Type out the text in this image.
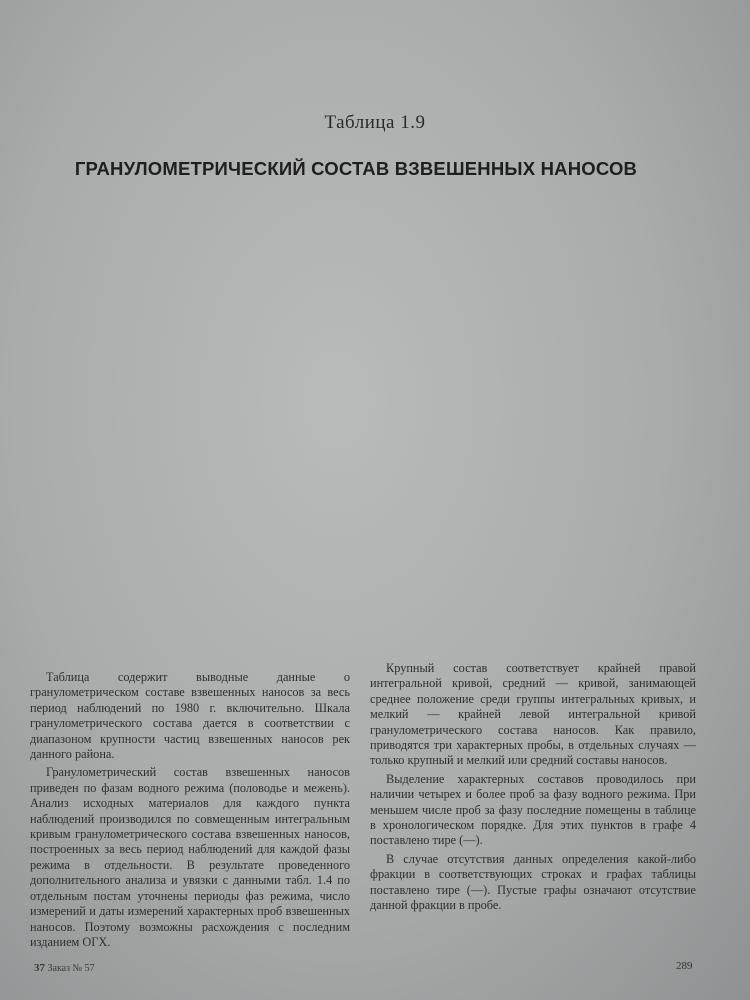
Таблица 1.9
ГРАНУЛОМЕТРИЧЕСКИЙ СОСТАВ ВЗВЕШЕННЫХ НАНОСОВ

Таблица содержит выводные данные о гранулометрическом составе взвешенных наносов за весь период наблюдений по 1980 г. включительно. Шкала гранулометрического состава дается в соответствии с диапазоном крупности частиц взвешенных наносов рек данного района.

Гранулометрический состав взвешенных наносов приведен по фазам водного режима (половодье и межень). Анализ исходных материалов для каждого пункта наблюдений производился по совмещенным интегральным кривым гранулометрического состава взвешенных наносов, построенных за весь период наблюдений для каждой фазы режима в отдельности. В результате проведенного дополнительного анализа и увязки с данными табл. 1.4 по отдельным постам уточнены периоды фаз режима, число измерений и даты измерений характерных проб взвешенных наносов. Поэтому возможны расхождения с последним изданием ОГХ.

Крупный состав соответствует крайней правой интегральной кривой, средний — кривой, занимающей среднее положение среди группы интегральных кривых, и мелкий — крайней левой интегральной кривой гранулометрического состава наносов. Как правило, приводятся три характерных пробы, в отдельных случаях — только крупный и мелкий или средний составы наносов.

Выделение характерных составов проводилось при наличии четырех и более проб за фазу водного режима. При меньшем числе проб за фазу последние помещены в таблице в хронологическом порядке. Для этих пунктов в графе 4 поставлено тире (—).

В случае отсутствия данных определения какой-либо фракции в соответствующих строках и графах таблицы поставлено тире (—). Пустые графы означают отсутствие данной фракции в пробе.

37 Заказ № 57	289
